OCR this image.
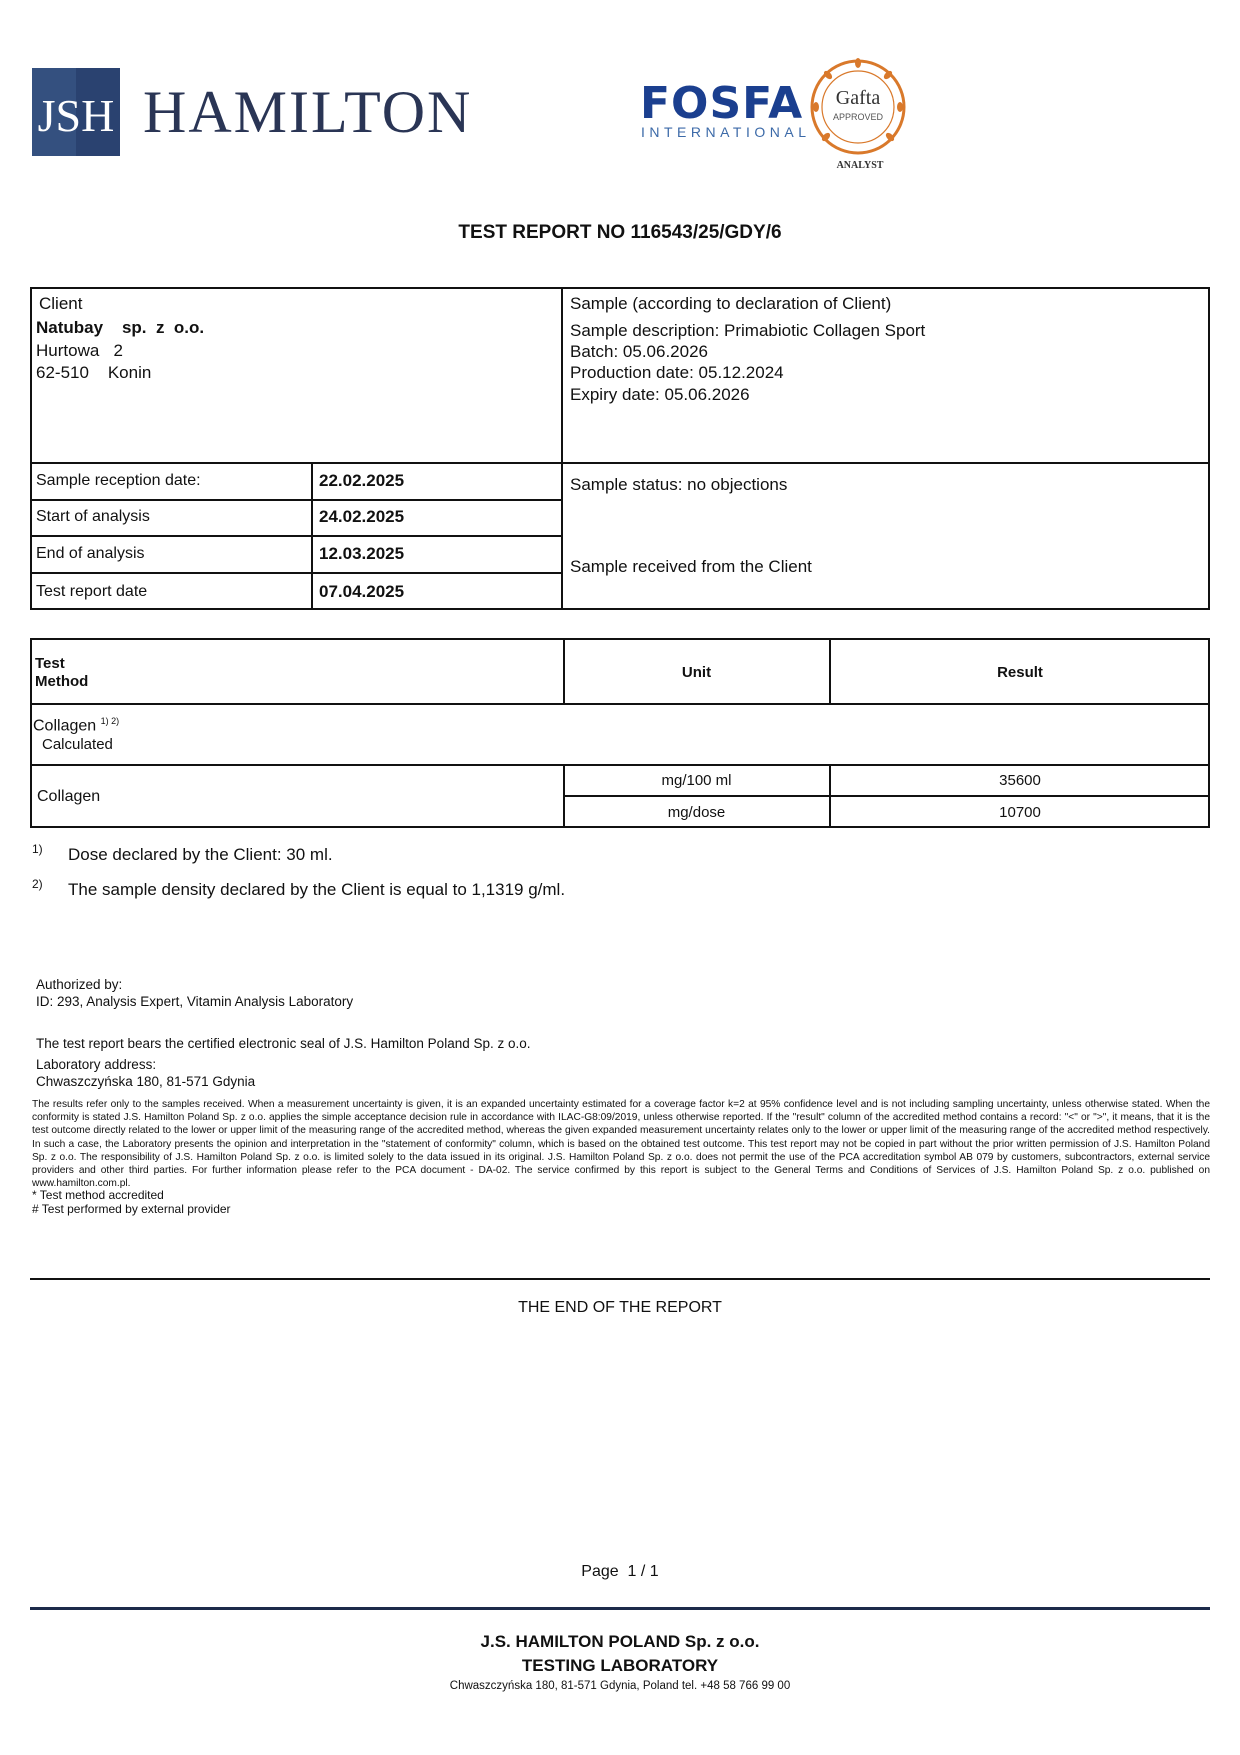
JSH HAMILTON	FOSFA
INTERNATIONAL
Gafta
APPROVED
ANALYST
TEST REPORT NO 116543/25/GDY/6
Client
Natubay    sp.  z  o.o.
Hurtowa   2
62-510    Konin
Sample (according to declaration of Client)
Sample description: Primabiotic Collagen Sport
Batch: 05.06.2026
Production date: 05.12.2024
Expiry date: 05.06.2026
Sample reception date:	22.02.2025
Start of analysis	24.02.2025
End of analysis	12.03.2025
Test report date	07.04.2025
Sample status: no objections
Sample received from the Client
Test
Method
Unit	Result
Collagen $^{1) 2)}$
Calculated
Collagen
mg/100 ml	35600
mg/dose	10700
1) Dose declared by the Client: 30 ml.
2) The sample density declared by the Client is equal to 1,1319 g/ml.
Authorized by:
ID: 293, Analysis Expert, Vitamin Analysis Laboratory
The test report bears the certified electronic seal of J.S. Hamilton Poland Sp. z o.o.
Laboratory address:
Chwaszczyńska 180, 81-571 Gdynia
The results refer only to the samples received. When a measurement uncertainty is given, it is an expanded uncertainty estimated for a coverage factor k=2 at 95% confidence level and is not including sampling uncertainty, unless otherwise stated. When the conformity is stated J.S. Hamilton Poland Sp. z o.o. applies the simple acceptance decision rule in accordance with ILAC-G8:09/2019, unless otherwise reported. If the "result" column of the accredited method contains a record: "<" or ">", it means, that it is the test outcome directly related to the lower or upper limit of the measuring range of the accredited method, whereas the given expanded measurement uncertainty relates only to the lower or upper limit of the measuring range of the accredited method respectively. In such a case, the Laboratory presents the opinion and interpretation in the "statement of conformity" column, which is based on the obtained test outcome. This test report may not be copied in part without the prior written permission of J.S. Hamilton Poland Sp. z o.o. The responsibility of J.S. Hamilton Poland Sp. z o.o. is limited solely to the data issued in its original. J.S. Hamilton Poland Sp. z o.o. does not permit the use of the PCA accreditation symbol AB 079 by customers, subcontractors, external service providers and other third parties. For further information please refer to the PCA document - DA-02. The service confirmed by this report is subject to the General Terms and Conditions of Services of J.S. Hamilton Poland Sp. z o.o. published on www.hamilton.com.pl.
* Test method accredited
# Test performed by external provider
THE END OF THE REPORT
Page  1 / 1
J.S. HAMILTON POLAND Sp. z o.o.
TESTING LABORATORY
Chwaszczyńska 180, 81-571 Gdynia, Poland tel. +48 58 766 99 00
